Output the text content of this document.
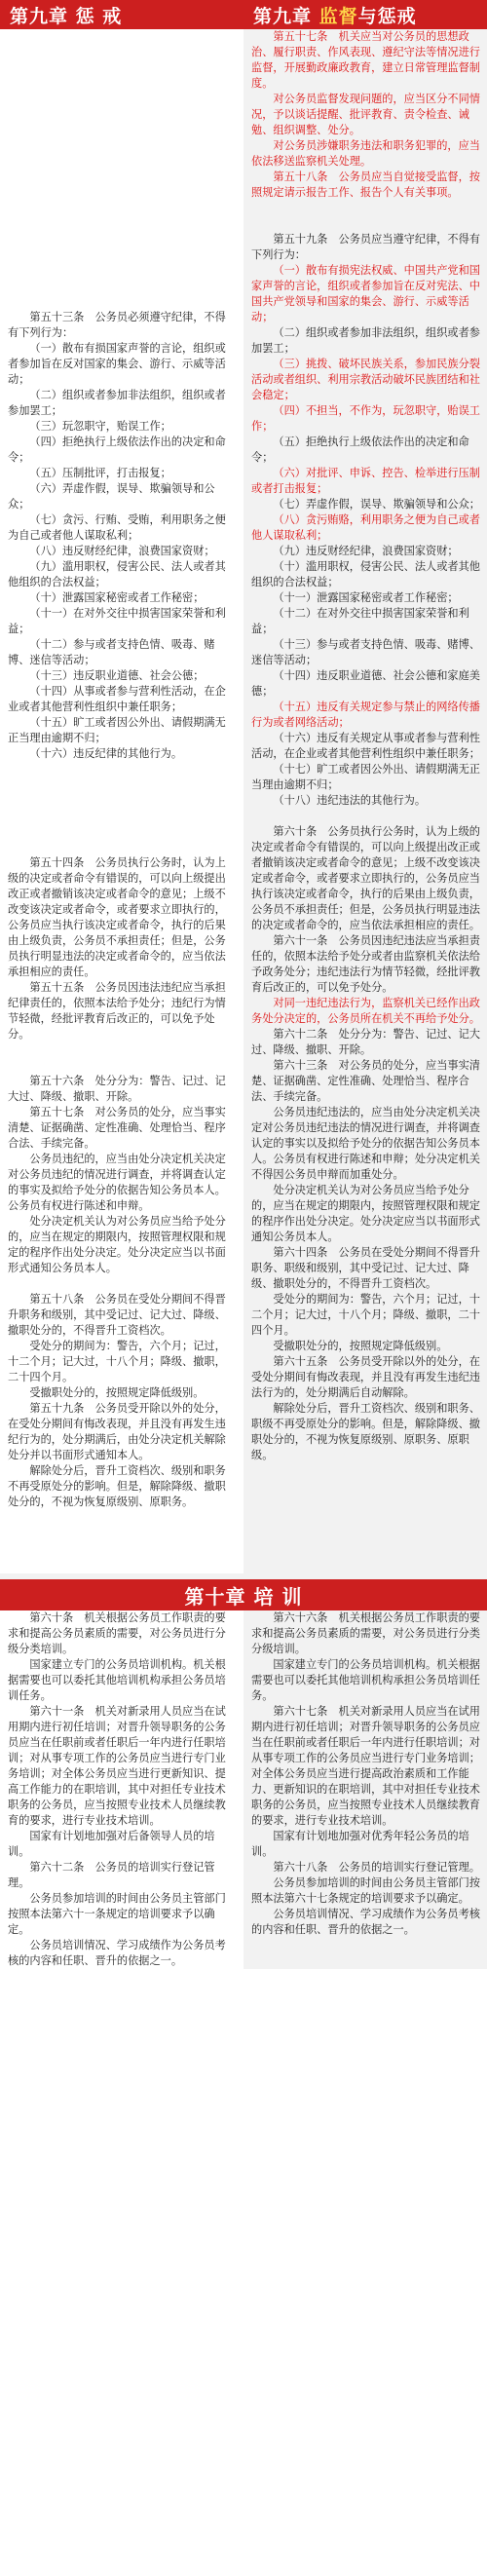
第九章 惩 戒	第九章 监督与惩戒

第五十三条　公务员必须遵守纪律，不得有下列行为：

（一）散布有损国家声誉的言论，组织或者参加旨在反对国家的集会、游行、示威等活动；

（二）组织或者参加非法组织，组织或者参加罢工；

（三）玩忽职守，贻误工作；

（四）拒绝执行上级依法作出的决定和命令；

（五）压制批评，打击报复；

（六）弄虚作假，误导、欺骗领导和公众；

（七）贪污、行贿、受贿，利用职务之便为自己或者他人谋取私利；

（八）违反财经纪律，浪费国家资财；

（九）滥用职权，侵害公民、法人或者其他组织的合法权益；

（十）泄露国家秘密或者工作秘密；

（十一）在对外交往中损害国家荣誉和利益；

（十二）参与或者支持色情、吸毒、赌博、迷信等活动；

（十三）违反职业道德、社会公德；

（十四）从事或者参与营利性活动，在企业或者其他营利性组织中兼任职务；

（十五）旷工或者因公外出、请假期满无正当理由逾期不归；

（十六）违反纪律的其他行为。

第五十四条　公务员执行公务时，认为上级的决定或者命令有错误的，可以向上级提出改正或者撤销该决定或者命令的意见；上级不改变该决定或者命令，或者要求立即执行的，公务员应当执行该决定或者命令，执行的后果由上级负责，公务员不承担责任；但是，公务员执行明显违法的决定或者命令的，应当依法承担相应的责任。

第五十五条　公务员因违法违纪应当承担纪律责任的，依照本法给予处分；违纪行为情节轻微，经批评教育后改正的，可以免予处分。

第五十六条　处分分为：警告、记过、记大过、降级、撤职、开除。

第五十七条　对公务员的处分，应当事实清楚、证据确凿、定性准确、处理恰当、程序合法、手续完备。

公务员违纪的，应当由处分决定机关决定对公务员违纪的情况进行调查，并将调查认定的事实及拟给予处分的依据告知公务员本人。公务员有权进行陈述和申辩。

处分决定机关认为对公务员应当给予处分的，应当在规定的期限内，按照管理权限和规定的程序作出处分决定。处分决定应当以书面形式通知公务员本人。

第五十八条　公务员在受处分期间不得晋升职务和级别，其中受记过、记大过、降级、撤职处分的，不得晋升工资档次。

受处分的期间为：警告，六个月；记过，十二个月；记大过，十八个月；降级、撤职，二十四个月。

受撤职处分的，按照规定降低级别。

第五十九条　公务员受开除以外的处分，在受处分期间有悔改表现，并且没有再发生违纪行为的，处分期满后，由处分决定机关解除处分并以书面形式通知本人。

解除处分后，晋升工资档次、级别和职务不再受原处分的影响。但是，解除降级、撤职处分的，不视为恢复原级别、原职务。

第五十七条　机关应当对公务员的思想政治、履行职责、作风表现、遵纪守法等情况进行监督，开展勤政廉政教育，建立日常管理监督制度。

对公务员监督发现问题的，应当区分不同情况，予以谈话提醒、批评教育、责令检查、诫勉、组织调整、处分。

对公务员涉嫌职务违法和职务犯罪的，应当依法移送监察机关处理。

第五十八条　公务员应当自觉接受监督，按照规定请示报告工作、报告个人有关事项。

第五十九条　公务员应当遵守纪律，不得有下列行为：

（一）散布有损宪法权威、中国共产党和国家声誉的言论，组织或者参加旨在反对宪法、中国共产党领导和国家的集会、游行、示威等活动；

（二）组织或者参加非法组织，组织或者参加罢工；

（三）挑拨、破坏民族关系，参加民族分裂活动或者组织、利用宗教活动破坏民族团结和社会稳定；

（四）不担当，不作为，玩忽职守，贻误工作；

（五）拒绝执行上级依法作出的决定和命令；

（六）对批评、申诉、控告、检举进行压制或者打击报复；

（七）弄虚作假，误导、欺骗领导和公众；

（八）贪污贿赂，利用职务之便为自己或者他人谋取私利；

（九）违反财经纪律，浪费国家资财；

（十）滥用职权，侵害公民、法人或者其他组织的合法权益；

（十一）泄露国家秘密或者工作秘密；

（十二）在对外交往中损害国家荣誉和利益；

（十三）参与或者支持色情、吸毒、赌博、迷信等活动；

（十四）违反职业道德、社会公德和家庭美德；

（十五）违反有关规定参与禁止的网络传播行为或者网络活动；

（十六）违反有关规定从事或者参与营利性活动，在企业或者其他营利性组织中兼任职务；

（十七）旷工或者因公外出、请假期满无正当理由逾期不归；

（十八）违纪违法的其他行为。

第六十条　公务员执行公务时，认为上级的决定或者命令有错误的，可以向上级提出改正或者撤销该决定或者命令的意见；上级不改变该决定或者命令，或者要求立即执行的，公务员应当执行该决定或者命令，执行的后果由上级负责，公务员不承担责任；但是，公务员执行明显违法的决定或者命令的，应当依法承担相应的责任。

第六十一条　公务员因违纪违法应当承担责任的，依照本法给予处分或者由监察机关依法给予政务处分；违纪违法行为情节轻微，经批评教育后改正的，可以免予处分。

对同一违纪违法行为，监察机关已经作出政务处分决定的，公务员所在机关不再给予处分。

第六十二条　处分分为：警告、记过、记大过、降级、撤职、开除。

第六十三条　对公务员的处分，应当事实清楚、证据确凿、定性准确、处理恰当、程序合法、手续完备。

公务员违纪违法的，应当由处分决定机关决定对公务员违纪违法的情况进行调查，并将调查认定的事实以及拟给予处分的依据告知公务员本人。公务员有权进行陈述和申辩；处分决定机关不得因公务员申辩而加重处分。

处分决定机关认为对公务员应当给予处分的，应当在规定的期限内，按照管理权限和规定的程序作出处分决定。处分决定应当以书面形式通知公务员本人。

第六十四条　公务员在受处分期间不得晋升职务、职级和级别，其中受记过、记大过、降级、撤职处分的，不得晋升工资档次。

受处分的期间为：警告，六个月；记过，十二个月；记大过，十八个月；降级、撤职，二十四个月。

受撤职处分的，按照规定降低级别。

第六十五条　公务员受开除以外的处分，在受处分期间有悔改表现，并且没有再发生违纪违法行为的，处分期满后自动解除。

解除处分后，晋升工资档次、级别和职务、职级不再受原处分的影响。但是，解除降级、撤职处分的，不视为恢复原级别、原职务、原职级。

第十章 培 训

第六十条　机关根据公务员工作职责的要求和提高公务员素质的需要，对公务员进行分级分类培训。

国家建立专门的公务员培训机构。机关根据需要也可以委托其他培训机构承担公务员培训任务。

第六十一条　机关对新录用人员应当在试用期内进行初任培训；对晋升领导职务的公务员应当在任职前或者任职后一年内进行任职培训；对从事专项工作的公务员应当进行专门业务培训；对全体公务员应当进行更新知识、提高工作能力的在职培训，其中对担任专业技术职务的公务员，应当按照专业技术人员继续教育的要求，进行专业技术培训。

国家有计划地加强对后备领导人员的培训。

第六十二条　公务员的培训实行登记管理。

公务员参加培训的时间由公务员主管部门按照本法第六十一条规定的培训要求予以确定。

公务员培训情况、学习成绩作为公务员考核的内容和任职、晋升的依据之一。

第六十六条　机关根据公务员工作职责的要求和提高公务员素质的需要，对公务员进行分类分级培训。

国家建立专门的公务员培训机构。机关根据需要也可以委托其他培训机构承担公务员培训任务。

第六十七条　机关对新录用人员应当在试用期内进行初任培训；对晋升领导职务的公务员应当在任职前或者任职后一年内进行任职培训；对从事专项工作的公务员应当进行专门业务培训；对全体公务员应当进行提高政治素质和工作能力、更新知识的在职培训，其中对担任专业技术职务的公务员，应当按照专业技术人员继续教育的要求，进行专业技术培训。

国家有计划地加强对优秀年轻公务员的培训。

第六十八条　公务员的培训实行登记管理。

公务员参加培训的时间由公务员主管部门按照本法第六十七条规定的培训要求予以确定。

公务员培训情况、学习成绩作为公务员考核的内容和任职、晋升的依据之一。
